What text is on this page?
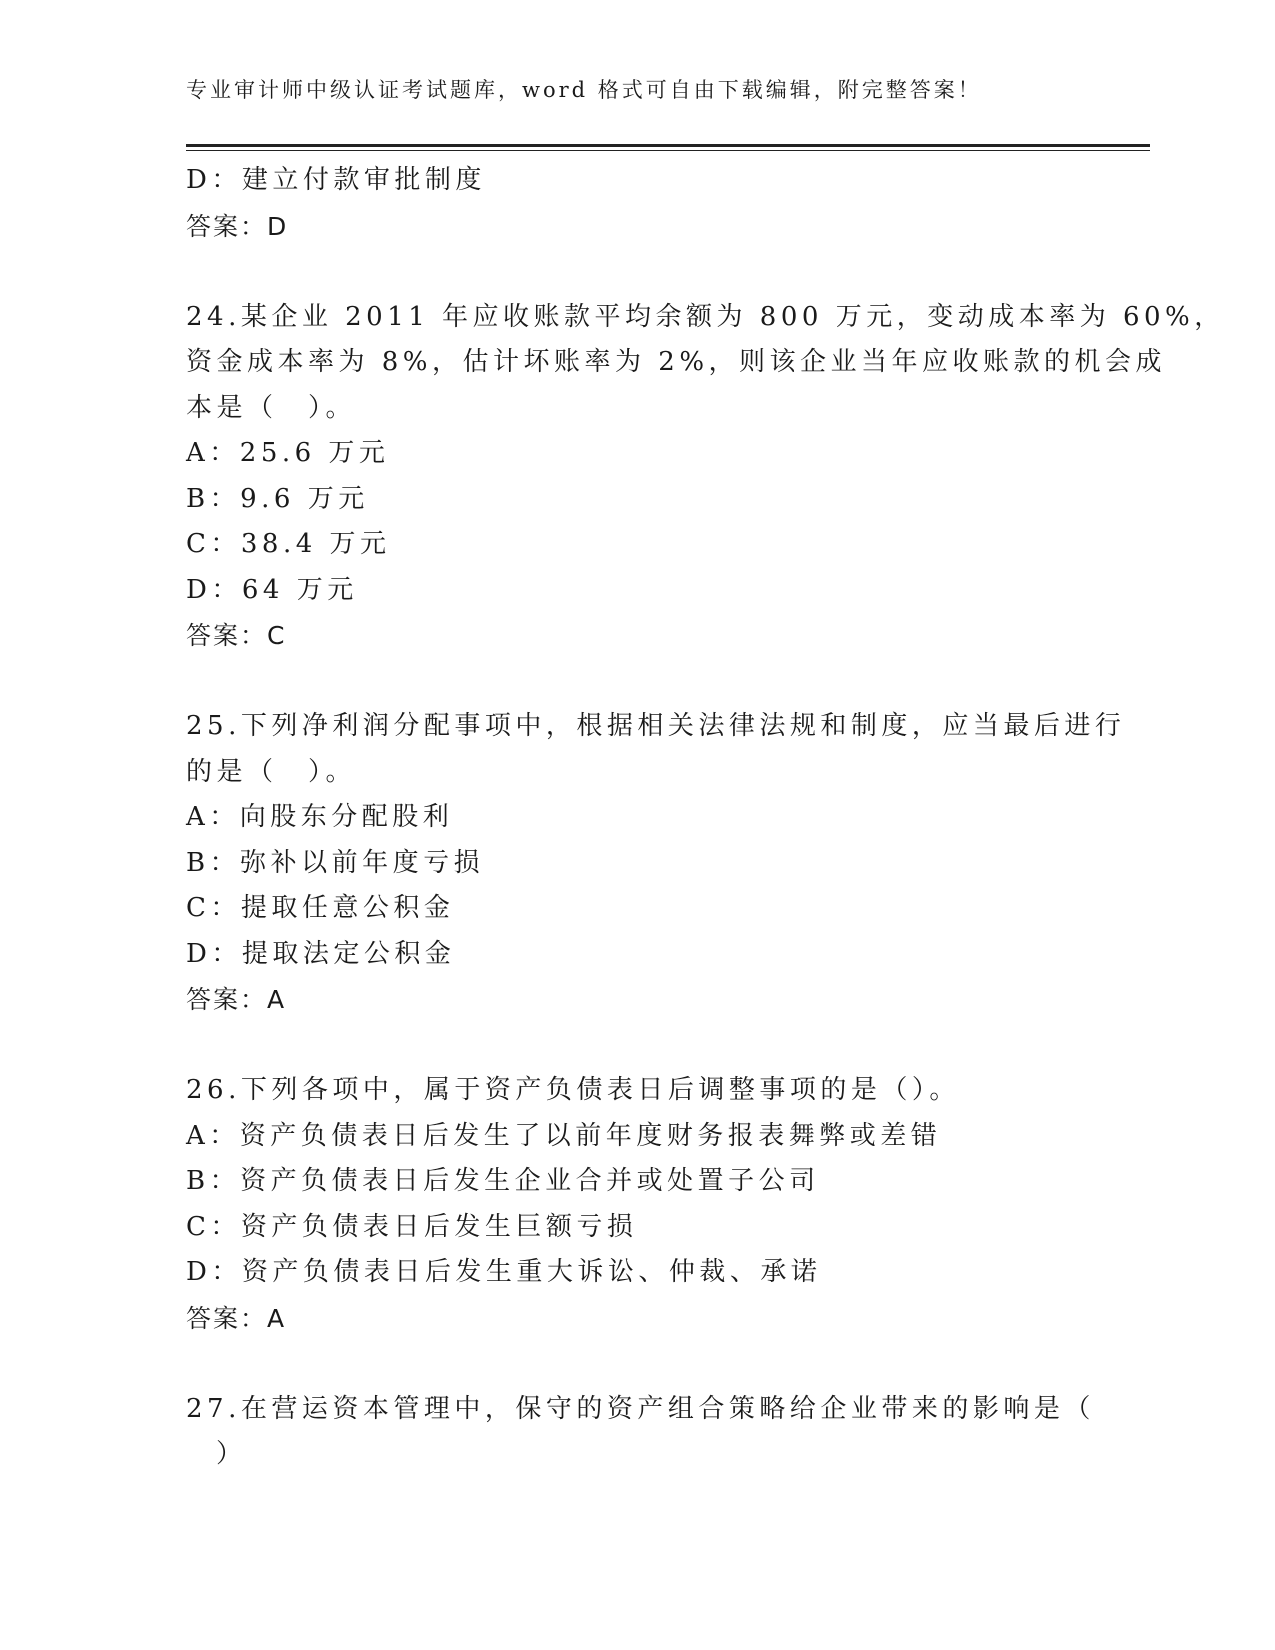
专业审计师中级认证考试题库，word 格式可自由下载编辑，附完整答案！
D：建立付款审批制度
答案：D
24.某企业 2011 年应收账款平均余额为 800 万元，变动成本率为 60%，
资金成本率为 8%，估计坏账率为 2%，则该企业当年应收账款的机会成
本是（　）。
A：25.6 万元
B：9.6 万元
C：38.4 万元
D：64 万元
答案：C
25.下列净利润分配事项中，根据相关法律法规和制度，应当最后进行
的是（　）。
A：向股东分配股利
B：弥补以前年度亏损
C：提取任意公积金
D：提取法定公积金
答案：A
26.下列各项中，属于资产负债表日后调整事项的是（）。
A：资产负债表日后发生了以前年度财务报表舞弊或差错
B：资产负债表日后发生企业合并或处置子公司
C：资产负债表日后发生巨额亏损
D：资产负债表日后发生重大诉讼、仲裁、承诺
答案：A
27.在营运资本管理中，保守的资产组合策略给企业带来的影响是（
）
